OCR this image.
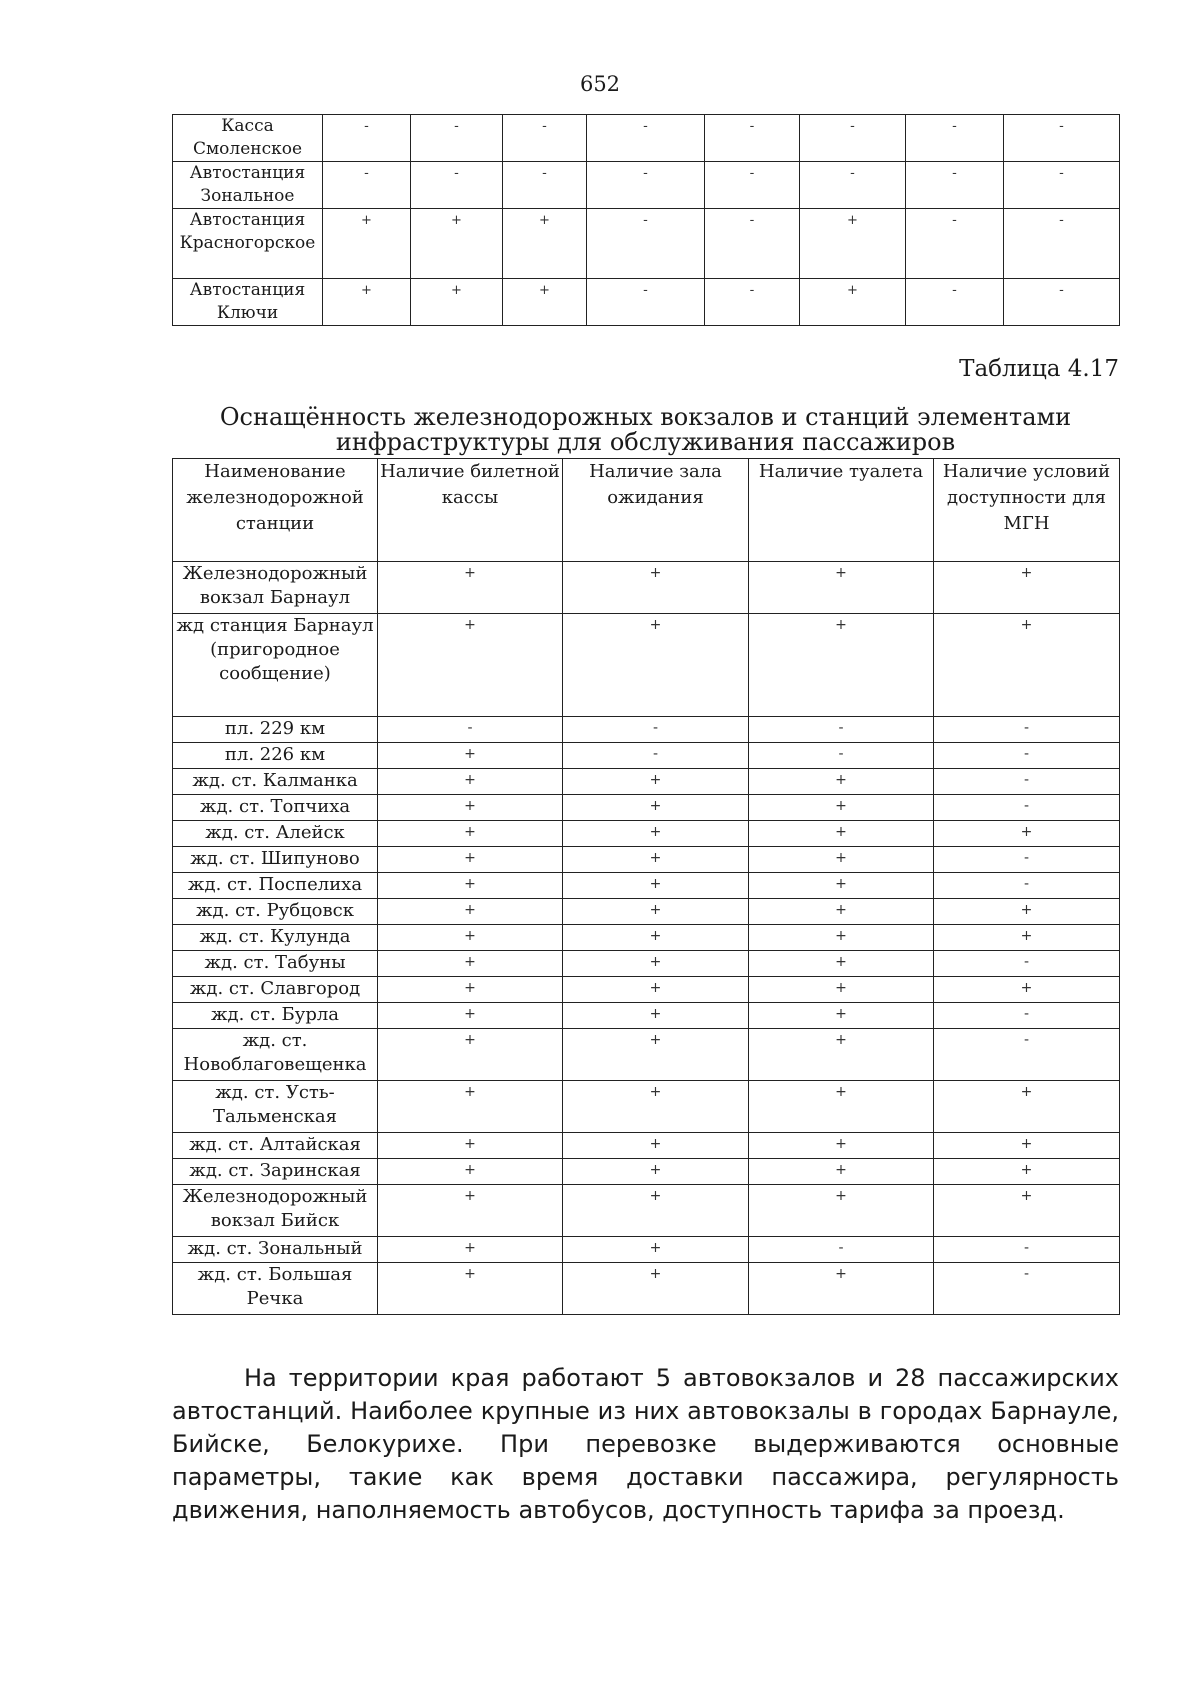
652
Касса Смоленское	-	-	-	-	-	-	-	-
Автостанция Зональное	-	-	-	-	-	-	-	-
Автостанция Красногорское	+	+	+	-	-	+	-	-
Автостанция Ключи	+	+	+	-	-	+	-	-
Таблица 4.17
Оснащённость железнодорожных вокзалов и станций элементами инфраструктуры для обслуживания пассажиров
Наименование железнодорожной станции	Наличие билетной кассы	Наличие зала ожидания	Наличие туалета	Наличие условий доступности для МГН
Железнодорожный вокзал Барнаул	+	+	+	+
жд станция Барнаул (пригородное сообщение)	+	+	+	+
пл. 229 км	-	-	-	-
пл. 226 км	+	-	-	-
жд. ст. Калманка	+	+	+	-
жд. ст. Топчиха	+	+	+	-
жд. ст. Алейск	+	+	+	+
жд. ст. Шипуново	+	+	+	-
жд. ст. Поспелиха	+	+	+	-
жд. ст. Рубцовск	+	+	+	+
жд. ст. Кулунда	+	+	+	+
жд. ст. Табуны	+	+	+	-
жд. ст. Славгород	+	+	+	+
жд. ст. Бурла	+	+	+	-
жд. ст. Новоблаговещенка	+	+	+	-
жд. ст. Усть-Тальменская	+	+	+	+
жд. ст. Алтайская	+	+	+	+
жд. ст. Заринская	+	+	+	+
Железнодорожный вокзал Бийск	+	+	+	+
жд. ст. Зональный	+	+	-	-
жд. ст. Большая Речка	+	+	+	-

На территории края работают 5 автовокзалов и 28 пассажирских автостанций. Наиболее крупные из них автовокзалы в городах Барнауле, Бийске, Белокурихе. При перевозке выдерживаются основные параметры, такие как время доставки пассажира, регулярность движения, наполняемость автобусов, доступность тарифа за проезд.
